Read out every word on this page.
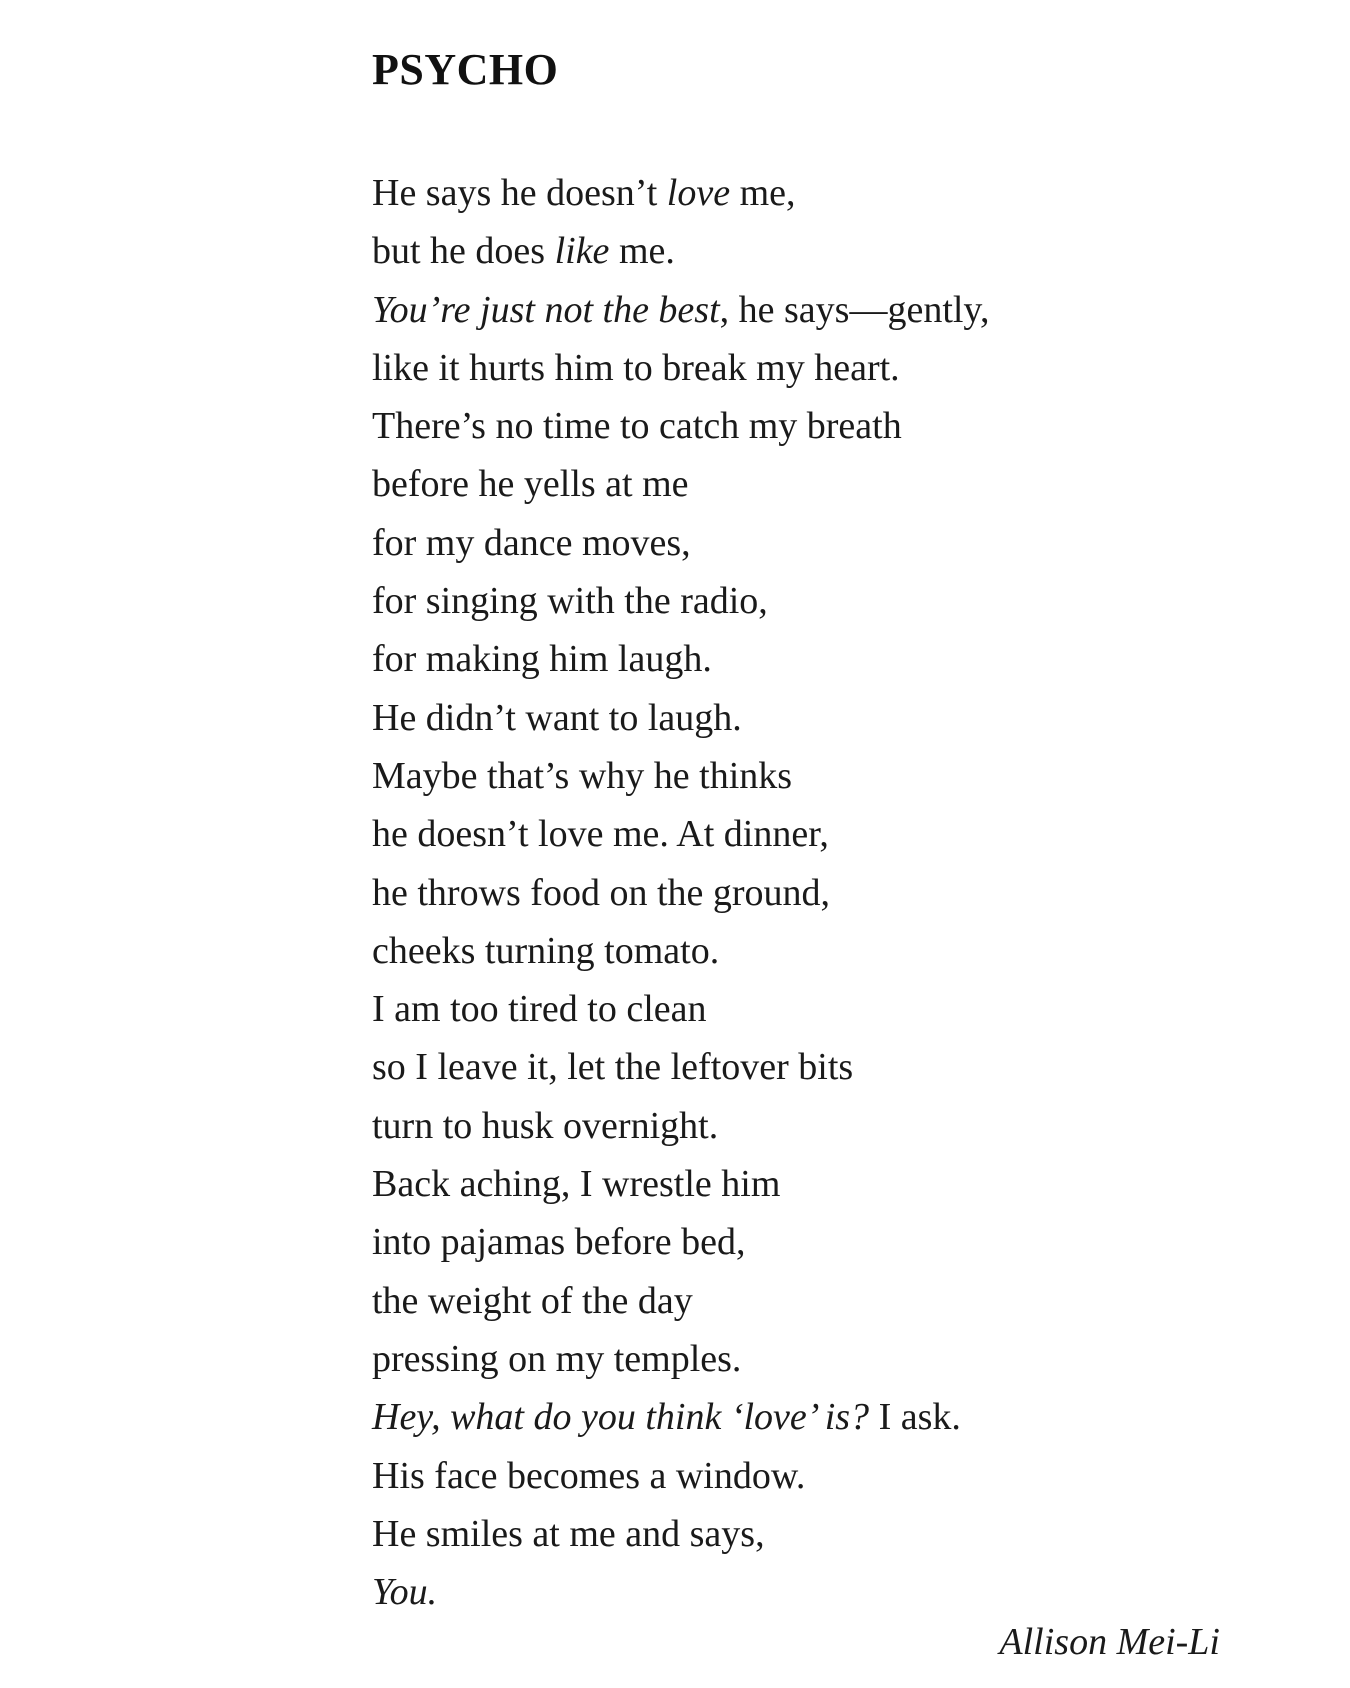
PSYCHO
He says he doesn’t love me,
but he does like me.
You’re just not the best, he says—gently,
like it hurts him to break my heart.
There’s no time to catch my breath
before he yells at me
for my dance moves,
for singing with the radio,
for making him laugh.
He didn’t want to laugh.
Maybe that’s why he thinks
he doesn’t love me. At dinner,
he throws food on the ground,
cheeks turning tomato.
I am too tired to clean
so I leave it, let the leftover bits
turn to husk overnight.
Back aching, I wrestle him
into pajamas before bed,
the weight of the day
pressing on my temples.
Hey, what do you think ‘love’ is? I ask.
His face becomes a window.
He smiles at me and says,
You.

Allison Mei-Li
